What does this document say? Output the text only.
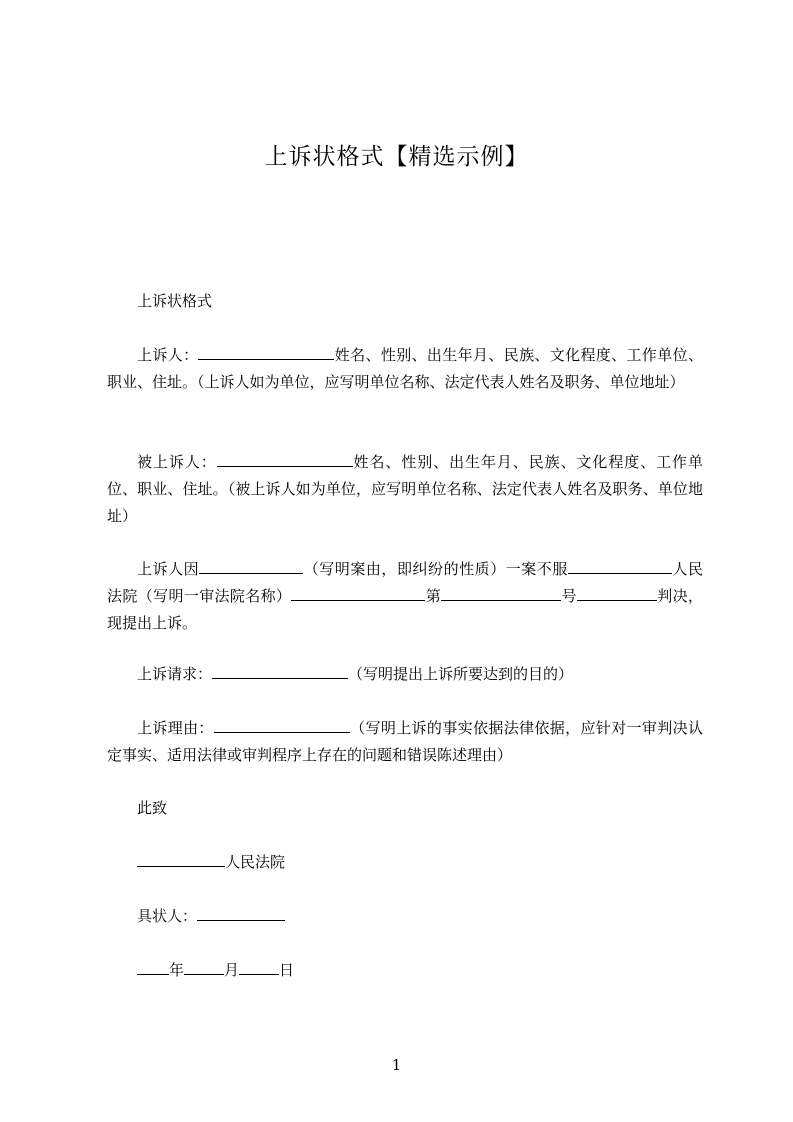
上诉状格式【精选示例】
上诉状格式
上诉人：	姓名、性别、出生年月、民族、文化程度、工作单位、职业、住址。（上诉人如为单位，应写明单位名称、法定代表人姓名及职务、单位地址）
被上诉人：	姓名、性别、出生年月、民族、文化程度、工作单位、职业、住址。（被上诉人如为单位，应写明单位名称、法定代表人姓名及职务、单位地址）
上诉人因	（写明案由，即纠纷的性质）一案不服	人民法院（写明一审法院名称）	第	号	判决，现提出上诉。
上诉请求：	（写明提出上诉所要达到的目的）
上诉理由：	（写明上诉的事实依据法律依据，应针对一审判决认定事实、适用法律或审判程序上存在的问题和错误陈述理由）
此致
人民法院
具状人：
年	月	日
1
